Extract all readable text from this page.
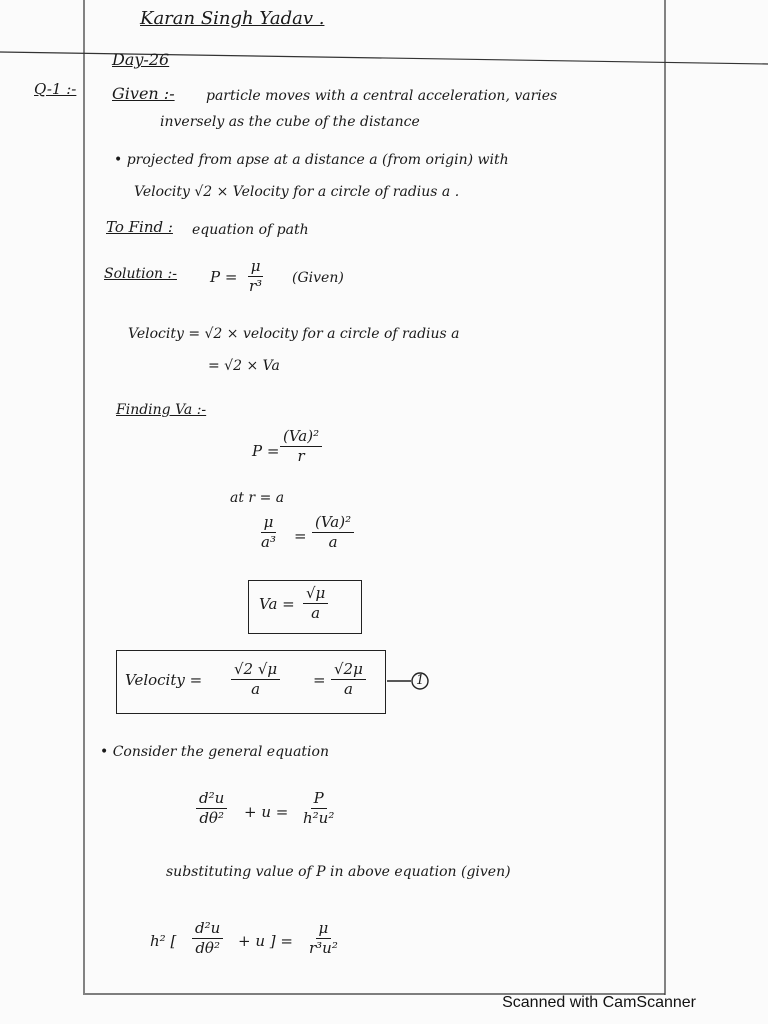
Karan Singh Yadav .
Day-26
Q-1 :- Given :- particle moves with a central acceleration, varies
inversely as the cube of the distance
• projected from apse at a distance a (from origin) with
Velocity √2 × Velocity for a circle of radius a .
To Find : equation of path
Solution :- $P = \frac{\mu}{\text{r³}}$ (Given)
Velocity = √2 × velocity for a circle of radius a
= √2 × Va
Finding Va :-
$P = \frac{\text{(Va)²}}{r}$
at r = a
$\frac{\mu}{\text{a³}} = \frac{\text{(Va)²}}{a}$
$Va = \frac{√\mu}{a}$
Velocity = $\frac{√2 √\mu}{a} = \frac{√2\mu}{a}$	1
• Consider the general equation
$\frac{\text{d²u}}{\text{dθ²}} + u = \frac{P}{\text{h²u²}}$
substituting value of P in above equation (given)
h² [ $\frac{\text{d²u}}{\text{dθ²}} + u$ ] = $\frac{\mu}{\text{r³u²}}$
Scanned with CamScanner
